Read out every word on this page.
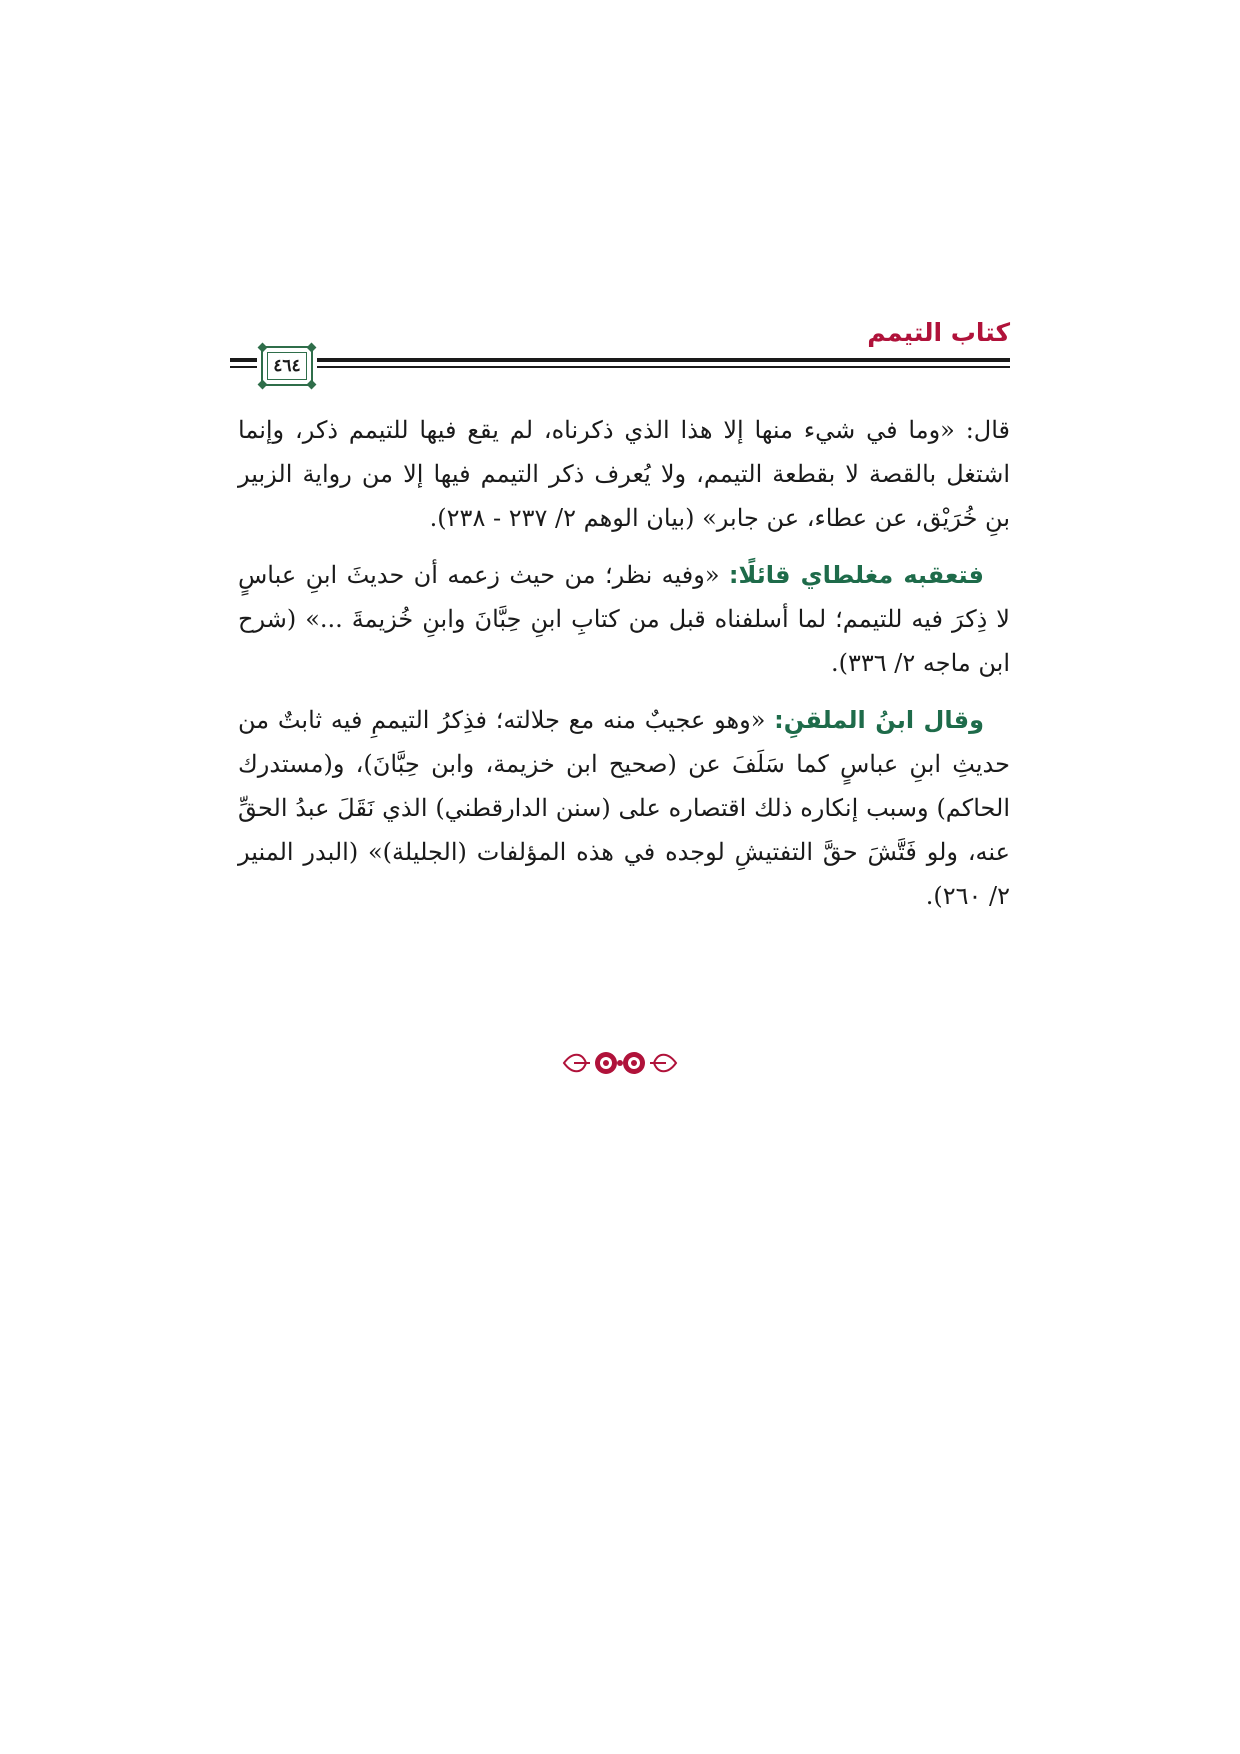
٤٦٤
كتاب التيمم

قال: «وما في شيء منها إلا هذا الذي ذكرناه، لم يقع فيها للتيمم ذكر، وإنما اشتغل بالقصة لا بقطعة التيمم، ولا يُعرف ذكر التيمم فيها إلا من رواية الزبير بنِ خُرَيْق، عن عطاء، عن جابر» (بيان الوهم ٢/ ٢٣٧ - ٢٣٨).

فتعقبه مغلطاي قائلًا: «وفيه نظر؛ من حيث زعمه أن حديثَ ابنِ عباسٍ لا ذِكرَ فيه للتيمم؛ لما أسلفناه قبل من كتابِ ابنِ حِبَّانَ وابنِ خُزيمةَ ...» (شرح ابن ماجه ٢/ ٣٣٦).

وقال ابنُ الملقنِ: «وهو عجيبٌ منه مع جلالته؛ فذِكرُ التيممِ فيه ثابتٌ من حديثِ ابنِ عباسٍ كما سَلَفَ عن (صحيح ابن خزيمة، وابن حِبَّانَ)، و(مستدرك الحاكم) وسبب إنكاره ذلك اقتصاره على (سنن الدارقطني) الذي نَقَلَ عبدُ الحقِّ عنه، ولو فَتَّشَ حقَّ التفتيشِ لوجده في هذه المؤلفات (الجليلة)» (البدر المنير ٢/ ٢٦٠).
